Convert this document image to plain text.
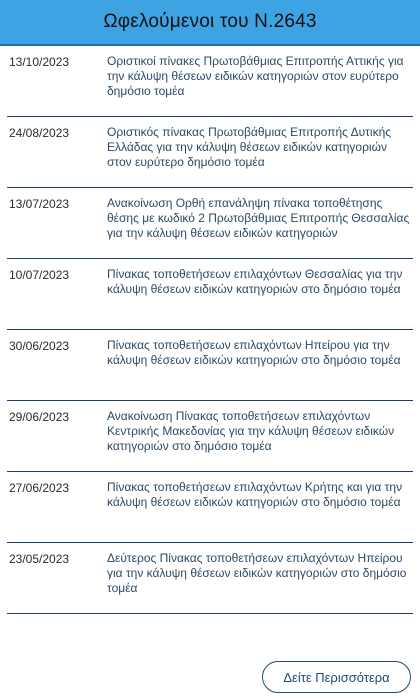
Ωφελούμενοι του Ν.2643
13/10/2023	Οριστικοί πίνακες Πρωτοβάθμιας Επιτροπής Αττικής για την κάλυψη θέσεων ειδικών κατηγοριών στον ευρύτερο δημόσιο τομέα
24/08/2023	Οριστικός πίνακας Πρωτοβάθμιας Επιτροπής Δυτικής Ελλάδας για την κάλυψη θέσεων ειδικών κατηγοριών στον ευρύτερο δημόσιο τομέα
13/07/2023	Ανακοίνωση Ορθή επανάληψη πίνακα τοποθέτησης θέσης με κωδικό 2 Πρωτοβάθμιας Επιτροπής Θεσσαλίας για την κάλυψη θέσεων ειδικών κατηγοριών
10/07/2023	Πίνακας τοποθετήσεων επιλαχόντων Θεσσαλίας για την κάλυψη θέσεων ειδικών κατηγοριών στο δημόσιο τομέα
30/06/2023	Πίνακας τοποθετήσεων επιλαχόντων Ηπείρου για την κάλυψη θέσεων ειδικών κατηγοριών στο δημόσιο τομέα
29/06/2023	Ανακοίνωση Πίνακας τοποθετήσεων επιλαχόντων Κεντρικής Μακεδονίας για την κάλυψη θέσεων ειδικών κατηγοριών στο δημόσιο τομέα
27/06/2023	Πίνακας τοποθετήσεων επιλαχόντων Κρήτης και για την κάλυψη θέσεων ειδικών κατηγοριών στο δημόσιο τομέα
23/05/2023	Δεύτερος Πίνακας τοποθετήσεων επιλαχόντων Ηπείρου για την κάλυψη θέσεων ειδικών κατηγοριών στο δημόσιο τομέα
Δείτε Περισσότερα
